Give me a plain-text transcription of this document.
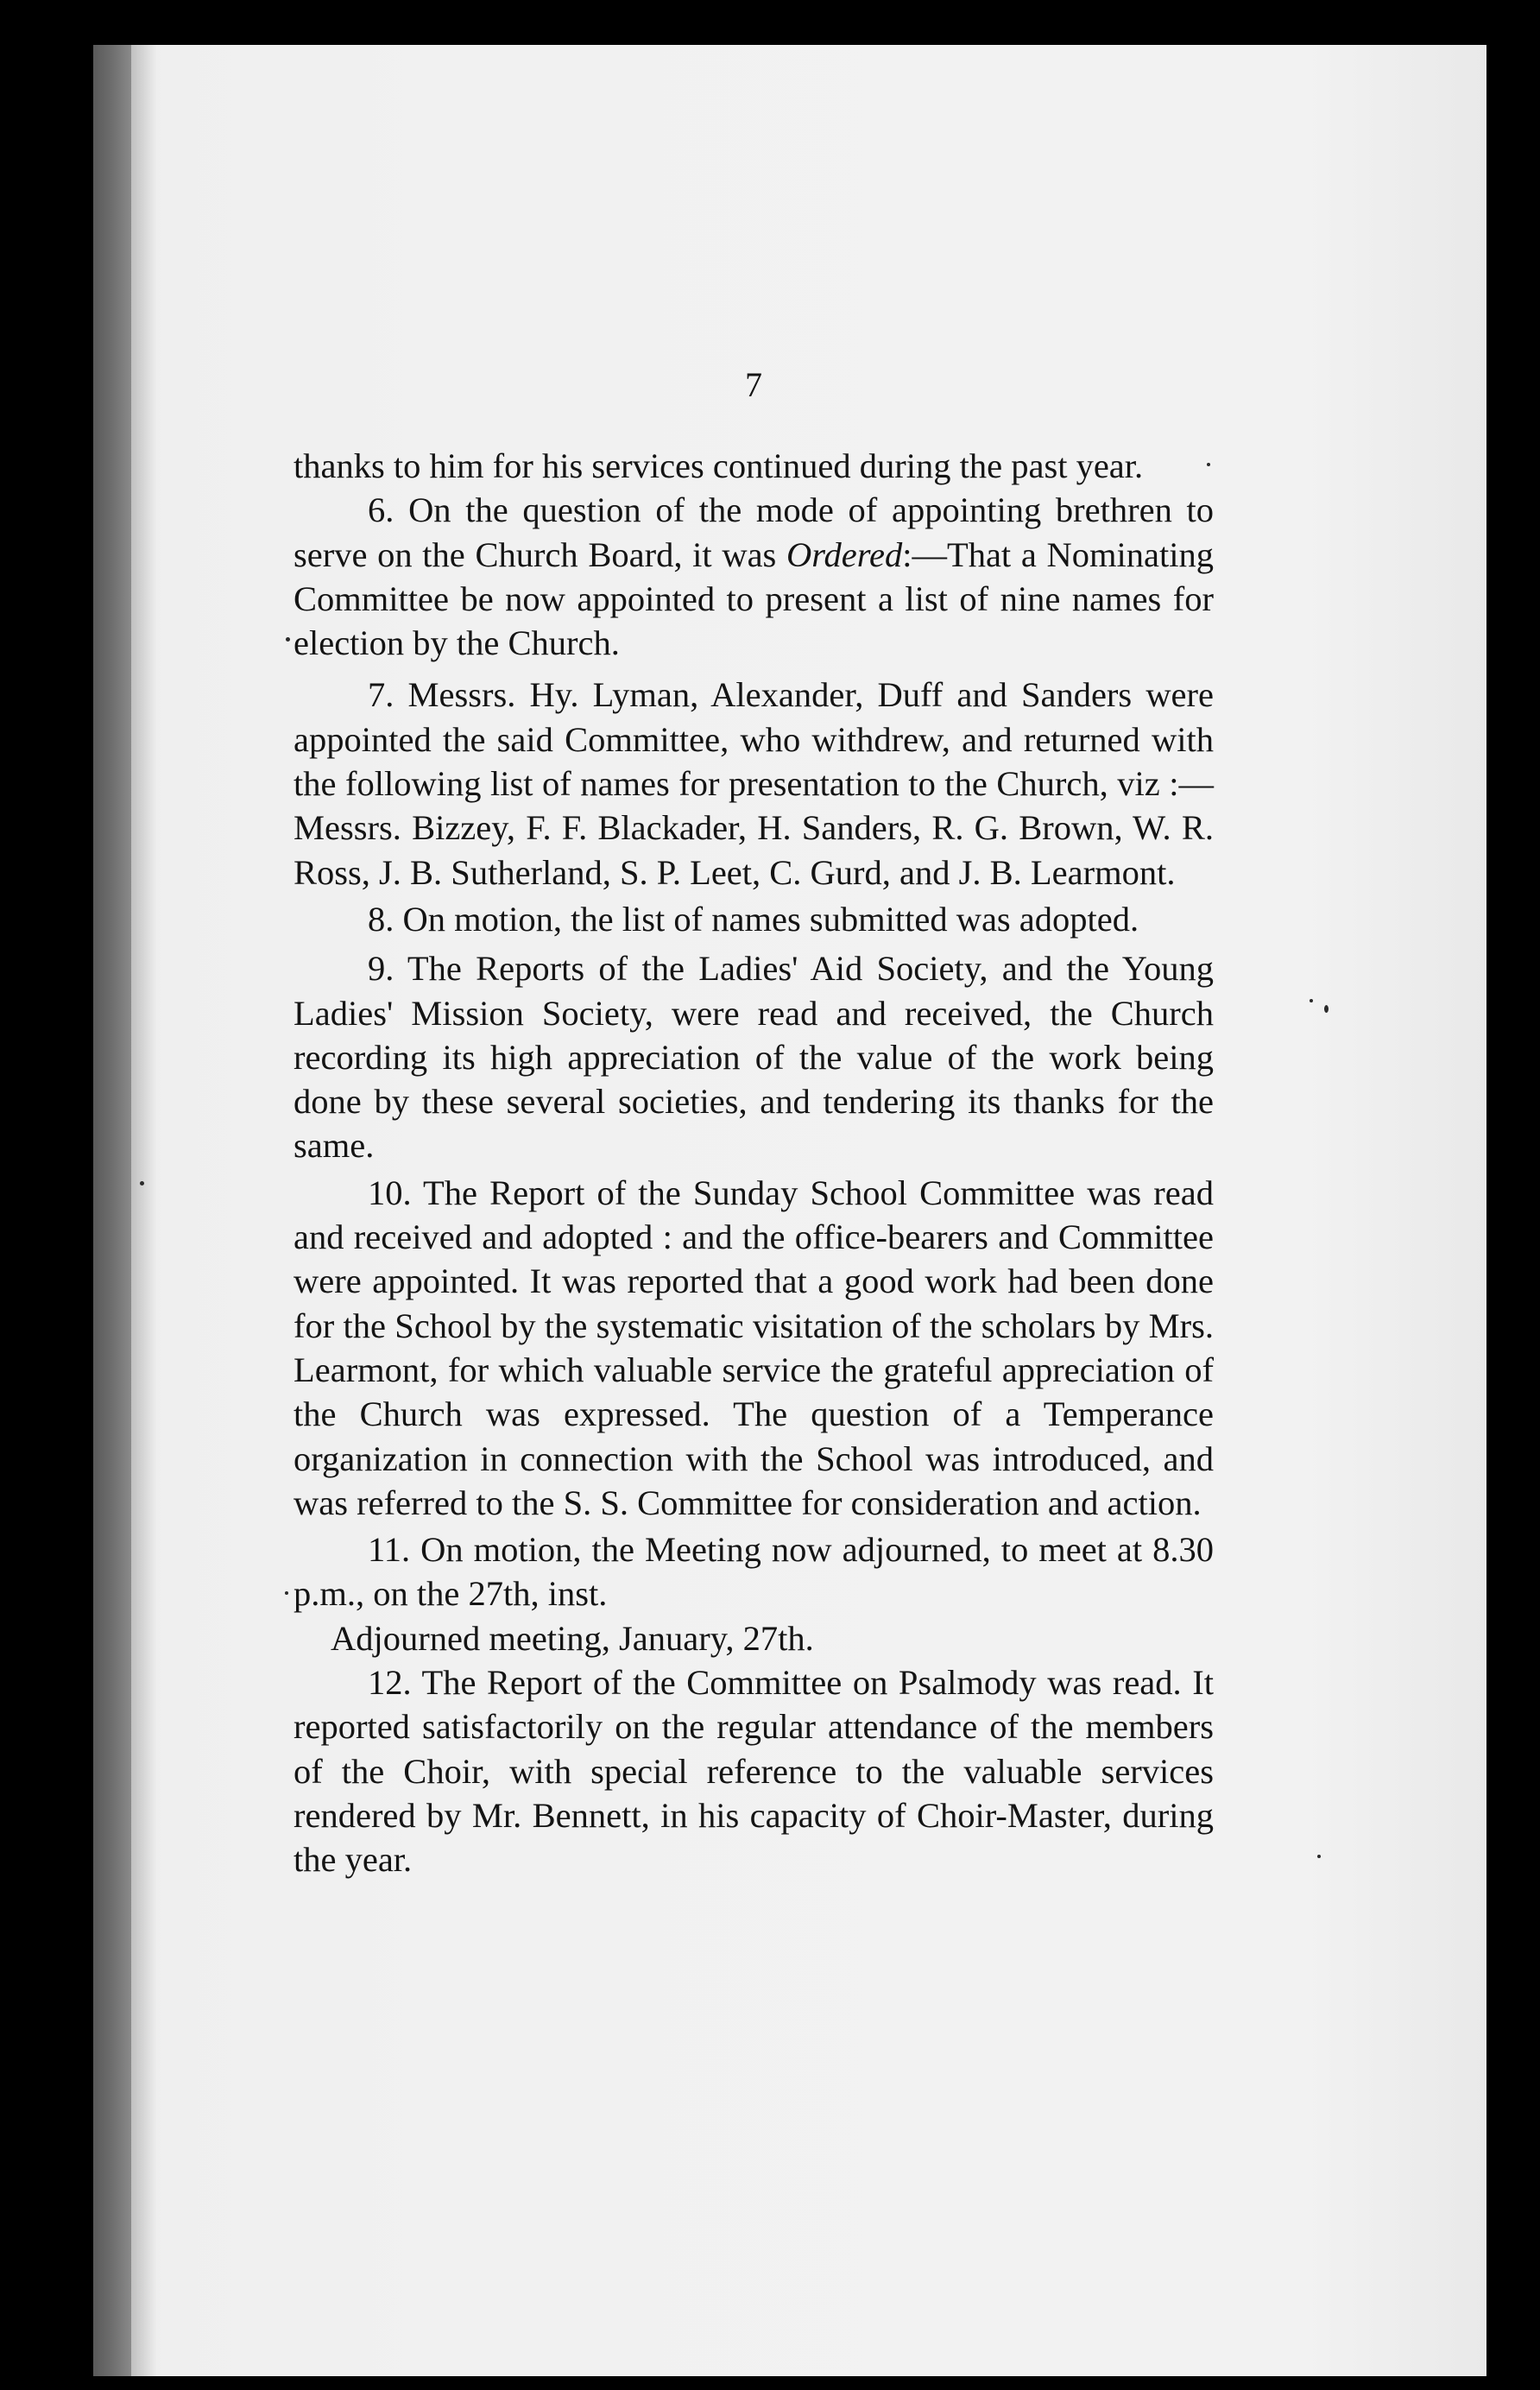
7

thanks to him for his services continued during the past year.

6. On the question of the mode of appointing brethren to serve on the Church Board, it was Ordered:—That a Nominating Committee be now appointed to present a list of nine names for election by the Church.

7. Messrs. Hy. Lyman, Alexander, Duff and Sanders were appointed the said Committee, who withdrew, and returned with the following list of names for presentation to the Church, viz :—Messrs. Bizzey, F. F. Blackader, H. Sanders, R. G. Brown, W. R. Ross, J. B. Sutherland, S. P. Leet, C. Gurd, and J. B. Learmont.

8. On motion, the list of names submitted was adopted.

9. The Reports of the Ladies' Aid Society, and the Young Ladies' Mission Society, were read and received, the Church recording its high appreciation of the value of the work being done by these several societies, and tendering its thanks for the same.

10. The Report of the Sunday School Committee was read and received and adopted : and the office-bearers and Committee were appointed. It was reported that a good work had been done for the School by the systematic visitation of the scholars by Mrs. Learmont, for which valuable service the grateful appreciation of the Church was expressed. The question of a Temperance organization in connection with the School was introduced, and was referred to the S. S. Committee for consideration and action.

11. On motion, the Meeting now adjourned, to meet at 8.30 p.m., on the 27th, inst.

Adjourned meeting, January, 27th.

12. The Report of the Committee on Psalmody was read. It reported satisfactorily on the regular attendance of the members of the Choir, with special reference to the valuable services rendered by Mr. Bennett, in his capacity of Choir-Master, during the year.
